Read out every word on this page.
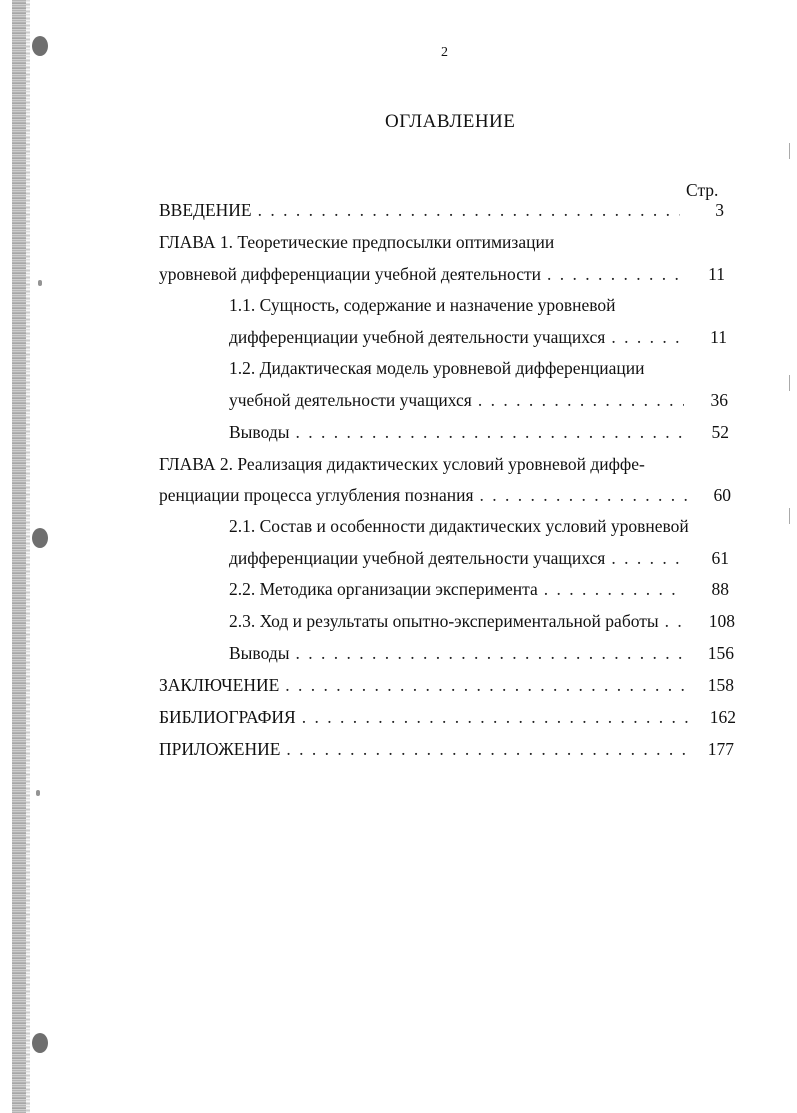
2
ОГЛАВЛЕНИЕ
Стр.
ВВЕДЕНИЕ . . .	3
ГЛАВА 1. Теоретические предпосылки оптимизации
уровневой дифференциации учебной деятельности . . .	11
1.1. Сущность, содержание и назначение уровневой
дифференциации учебной деятельности учащихся . . .	11
1.2. Дидактическая модель уровневой дифференциации
учебной деятельности учащихся . . .	36
Выводы . . .	52
ГЛАВА 2. Реализация дидактических условий уровневой диффе-
ренциации процесса углубления познания . . .	60
2.1. Состав и особенности дидактических условий уровневой
дифференциации учебной деятельности учащихся . . .	61
2.2. Методика организации эксперимента . . .	88
2.3. Ход и результаты опытно-экспериментальной работы . . .	108
Выводы . . .	156
ЗАКЛЮЧЕНИЕ . . .	158
БИБЛИОГРАФИЯ . . .	162
ПРИЛОЖЕНИЕ . . .	177
